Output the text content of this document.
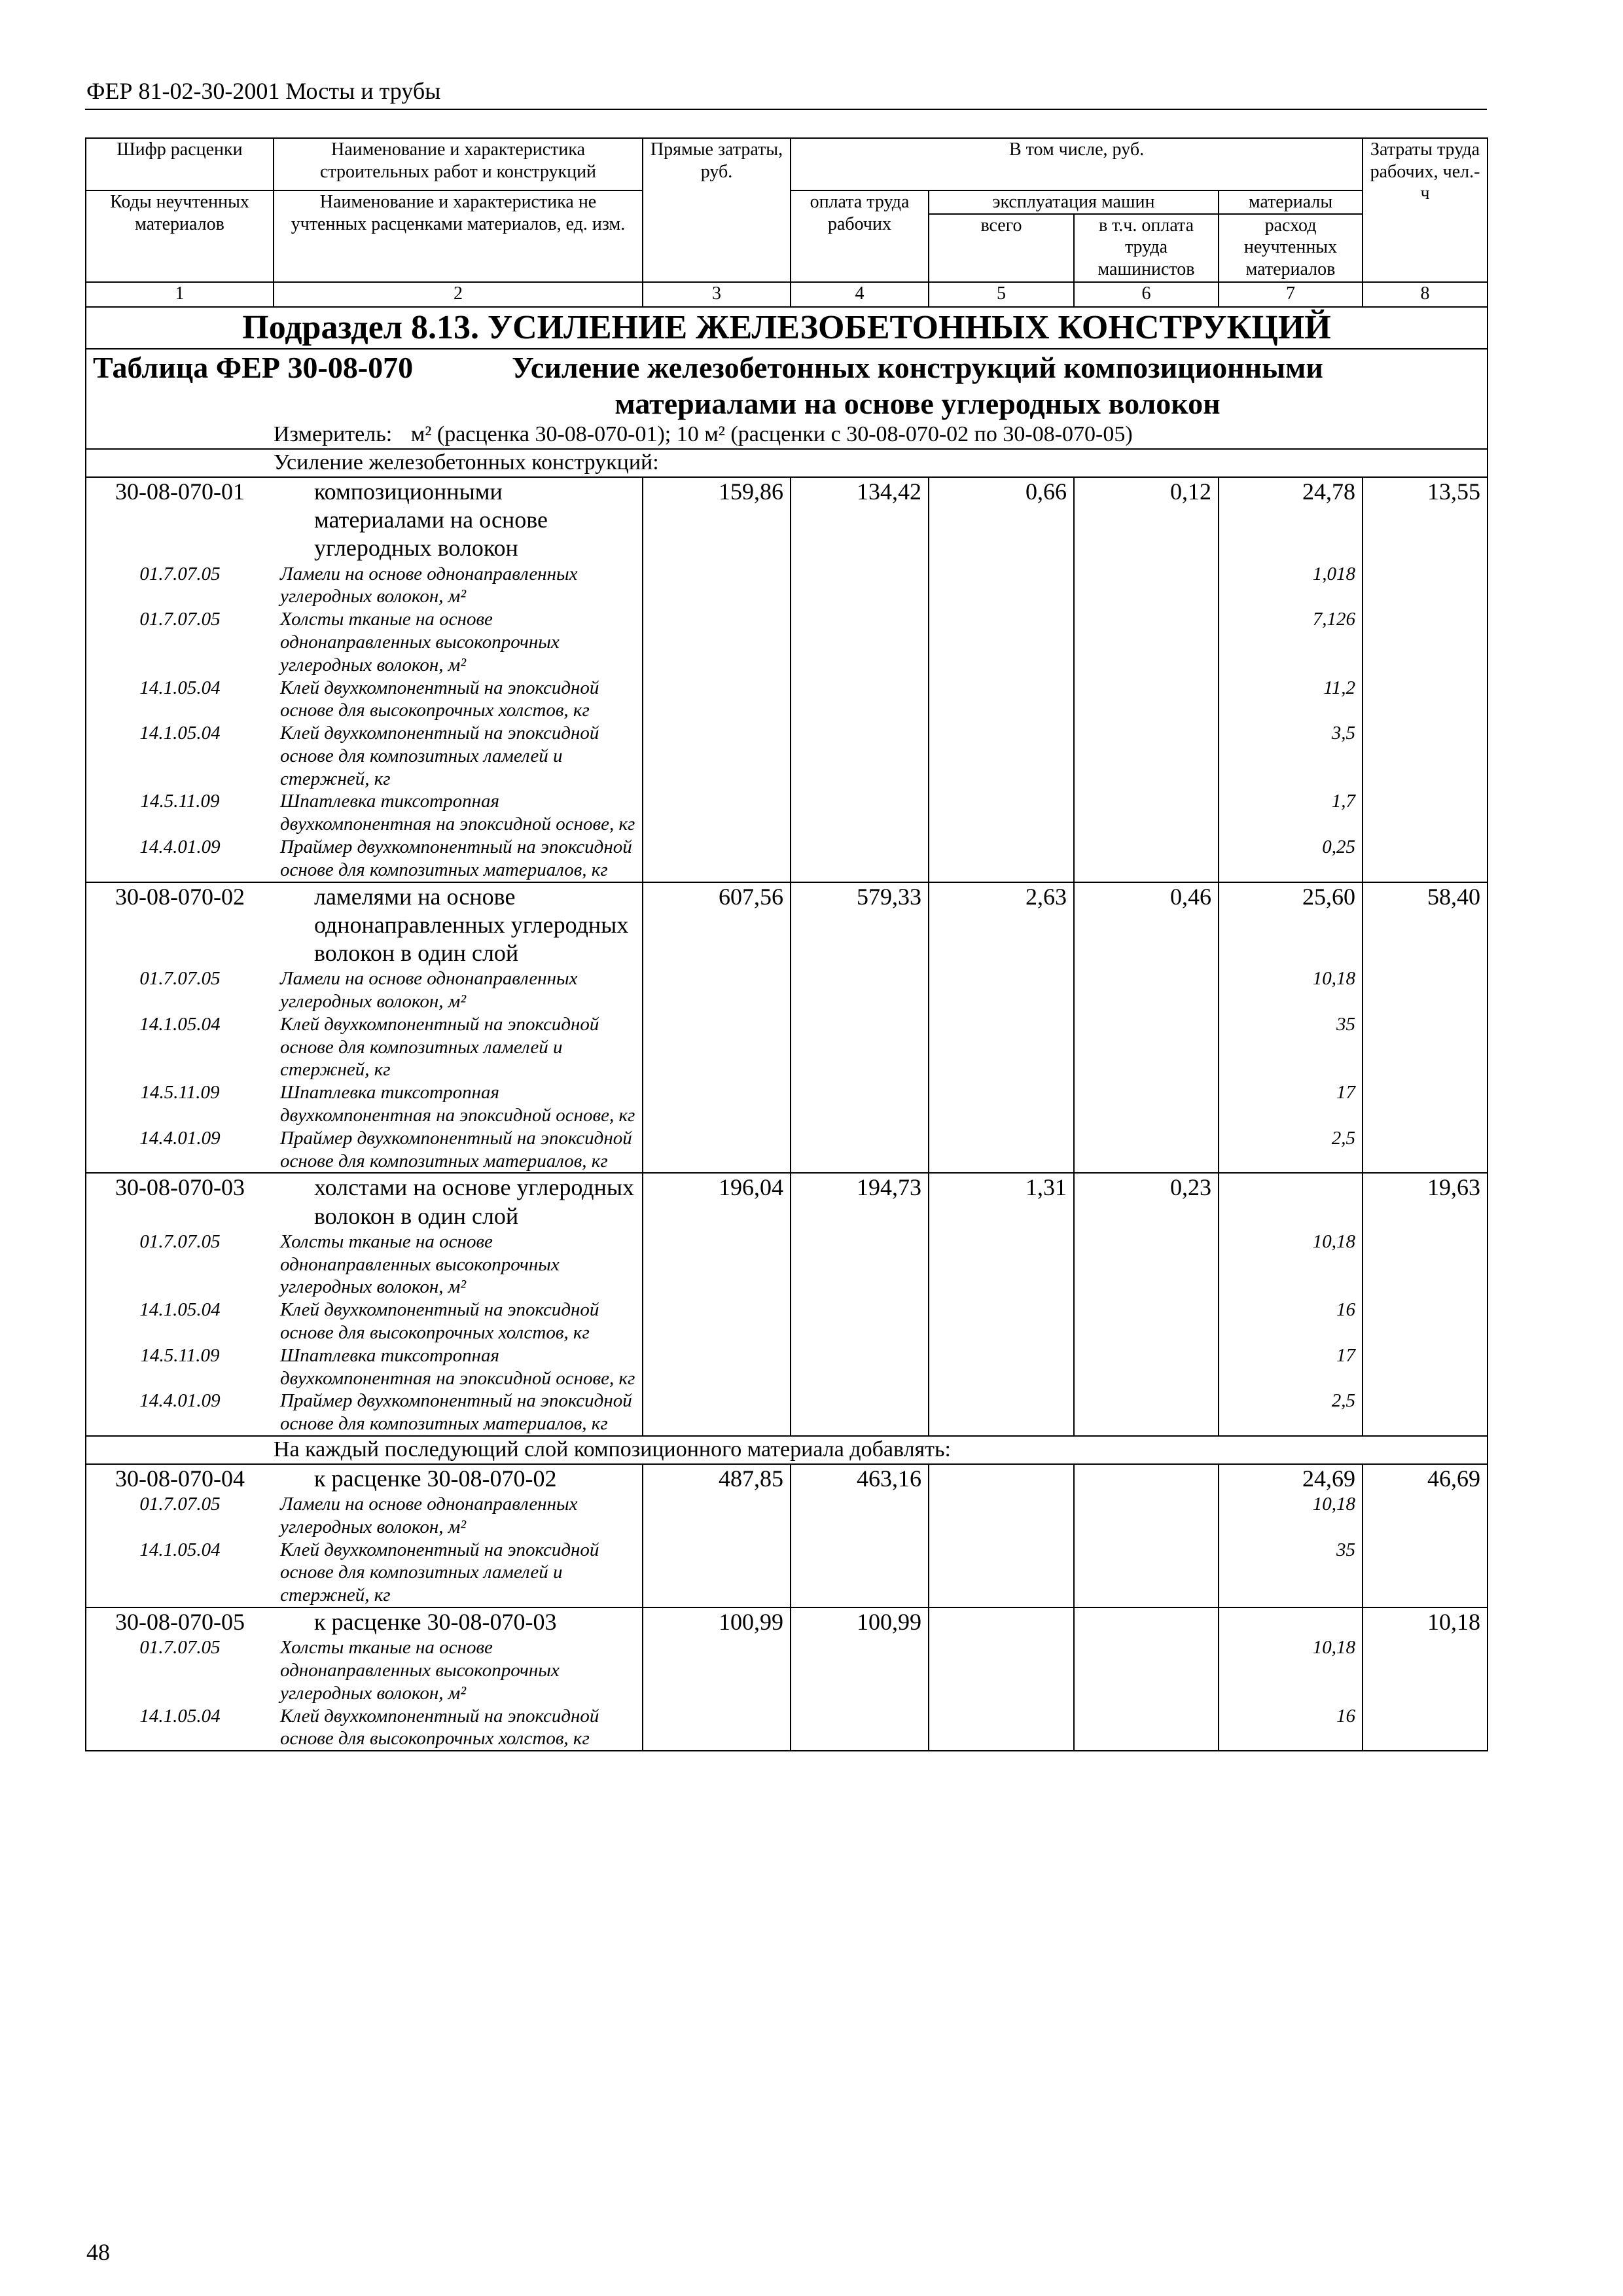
ФЕР 81-02-30-2001 Мосты и трубы
Шифр расценки	Наименование и характеристика строительных работ и конструкций	Прямые затраты, руб.	В том числе, руб.				Затраты труда рабочих, чел.-ч
Коды неучтенных материалов	Наименование и характеристика не учтенных расценками материалов, ед. изм.		оплата труда рабочих	эксплуатация машин		материалы	
				всего	в т.ч. оплата труда машинистов	расход неучтенных материалов	
1	2	3	4	5	6	7	8
Подраздел 8.13. УСИЛЕНИЕ ЖЕЛЕЗОБЕТОННЫХ КОНСТРУКЦИЙ							
Таблица ФЕР 30-08-070 Усиление железобетонных конструкций композиционными материалами на основе углеродных волокон							
	Измеритель: м² (расценка 30-08-070-01); 10 м² (расценки с 30-08-070-02 по 30-08-070-05)						
	Усиление железобетонных конструкций:						
30-08-070-01	композиционными материалами на основе углеродных волокон	159,86	134,42	0,66	0,12	24,78	13,55
01.7.07.05	Ламели на основе однонаправленных углеродных волокон, м²					1,018	
01.7.07.05	Холсты тканые на основе однонаправленных высокопрочных углеродных волокон, м²					7,126	
14.1.05.04	Клей двухкомпонентный на эпоксидной основе для высокопрочных холстов, кг					11,2	
14.1.05.04	Клей двухкомпонентный на эпоксидной основе для композитных ламелей и стержней, кг					3,5	
14.5.11.09	Шпатлевка тиксотропная двухкомпонентная на эпоксидной основе, кг					1,7	
14.4.01.09	Праймер двухкомпонентный на эпоксидной основе для композитных материалов, кг					0,25	
30-08-070-02	ламелями на основе однонаправленных углеродных волокон в один слой	607,56	579,33	2,63	0,46	25,60	58,40
01.7.07.05	Ламели на основе однонаправленных углеродных волокон, м²					10,18	
14.1.05.04	Клей двухкомпонентный на эпоксидной основе для композитных ламелей и стержней, кг					35	
14.5.11.09	Шпатлевка тиксотропная двухкомпонентная на эпоксидной основе, кг					17	
14.4.01.09	Праймер двухкомпонентный на эпоксидной основе для композитных материалов, кг					2,5	
30-08-070-03	холстами на основе углеродных волокон в один слой	196,04	194,73	1,31	0,23		19,63
01.7.07.05	Холсты тканые на основе однонаправленных высокопрочных углеродных волокон, м²					10,18	
14.1.05.04	Клей двухкомпонентный на эпоксидной основе для высокопрочных холстов, кг					16	
14.5.11.09	Шпатлевка тиксотропная двухкомпонентная на эпоксидной основе, кг					17	
14.4.01.09	Праймер двухкомпонентный на эпоксидной основе для композитных материалов, кг					2,5	
	На каждый последующий слой композиционного материала добавлять:						
30-08-070-04	к расценке 30-08-070-02	487,85	463,16			24,69	46,69
01.7.07.05	Ламели на основе однонаправленных углеродных волокон, м²					10,18	
14.1.05.04	Клей двухкомпонентный на эпоксидной основе для композитных ламелей и стержней, кг					35	
30-08-070-05	к расценке 30-08-070-03	100,99	100,99				10,18
01.7.07.05	Холсты тканые на основе однонаправленных высокопрочных углеродных волокон, м²					10,18	
14.1.05.04	Клей двухкомпонентный на эпоксидной основе для высокопрочных холстов, кг					16	
48
